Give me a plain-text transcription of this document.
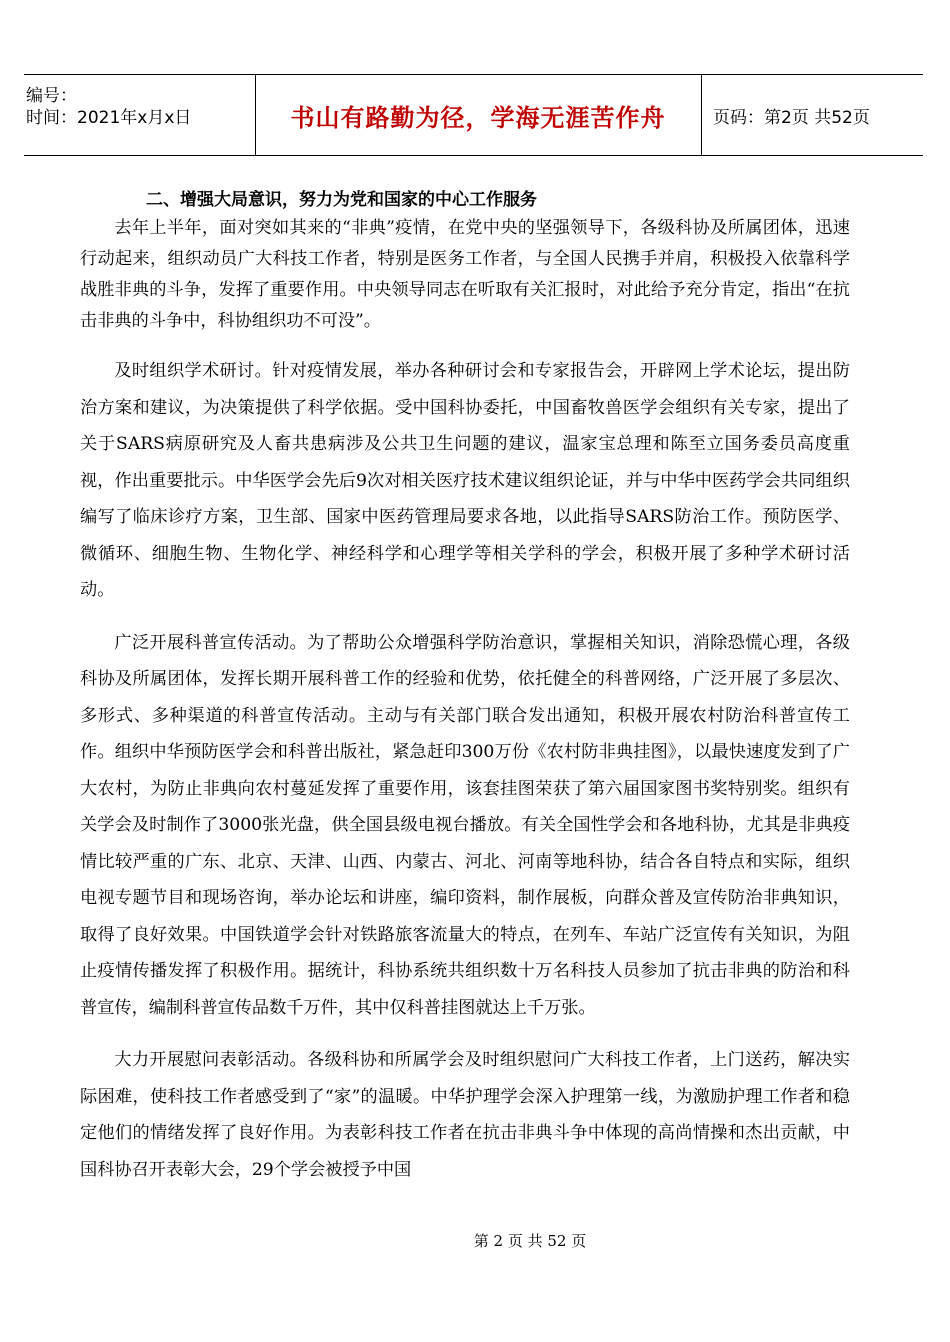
编号：
时间：2021年x月x日	书山有路勤为径，学海无涯苦作舟	页码：第2页 共52页
二、增强大局意识，努力为党和国家的中心工作服务

去年上半年，面对突如其来的“非典”疫情，在党中央的坚强领导下，各级科协及所属团体，迅速行动起来，组织动员广大科技工作者，特别是医务工作者，与全国人民携手并肩，积极投入依靠科学战胜非典的斗争，发挥了重要作用。中央领导同志在听取有关汇报时，对此给予充分肯定，指出“在抗击非典的斗争中，科协组织功不可没”。

及时组织学术研讨。针对疫情发展，举办各种研讨会和专家报告会，开辟网上学术论坛，提出防治方案和建议，为决策提供了科学依据。受中国科协委托，中国畜牧兽医学会组织有关专家，提出了关于SARS病原研究及人畜共患病涉及公共卫生问题的建议，温家宝总理和陈至立国务委员高度重视，作出重要批示。中华医学会先后9次对相关医疗技术建议组织论证，并与中华中医药学会共同组织编写了临床诊疗方案，卫生部、国家中医药管理局要求各地，以此指导SARS防治工作。预防医学、微循环、细胞生物、生物化学、神经科学和心理学等相关学科的学会，积极开展了多种学术研讨活动。

广泛开展科普宣传活动。为了帮助公众增强科学防治意识，掌握相关知识，消除恐慌心理，各级科协及所属团体，发挥长期开展科普工作的经验和优势，依托健全的科普网络，广泛开展了多层次、多形式、多种渠道的科普宣传活动。主动与有关部门联合发出通知，积极开展农村防治科普宣传工作。组织中华预防医学会和科普出版社，紧急赶印300万份《农村防非典挂图》，以最快速度发到了广大农村，为防止非典向农村蔓延发挥了重要作用，该套挂图荣获了第六届国家图书奖特别奖。组织有关学会及时制作了3000张光盘，供全国县级电视台播放。有关全国性学会和各地科协，尤其是非典疫情比较严重的广东、北京、天津、山西、内蒙古、河北、河南等地科协，结合各自特点和实际，组织电视专题节目和现场咨询，举办论坛和讲座，编印资料，制作展板，向群众普及宣传防治非典知识，取得了良好效果。中国铁道学会针对铁路旅客流量大的特点，在列车、车站广泛宣传有关知识，为阻止疫情传播发挥了积极作用。据统计，科协系统共组织数十万名科技人员参加了抗击非典的防治和科普宣传，编制科普宣传品数千万件，其中仅科普挂图就达上千万张。

大力开展慰问表彰活动。各级科协和所属学会及时组织慰问广大科技工作者，上门送药，解决实际困难，使科技工作者感受到了“家”的温暖。中华护理学会深入护理第一线，为激励护理工作者和稳定他们的情绪发挥了良好作用。为表彰科技工作者在抗击非典斗争中体现的高尚情操和杰出贡献，中国科协召开表彰大会，29个学会被授予中国

第 2 页 共 52 页
